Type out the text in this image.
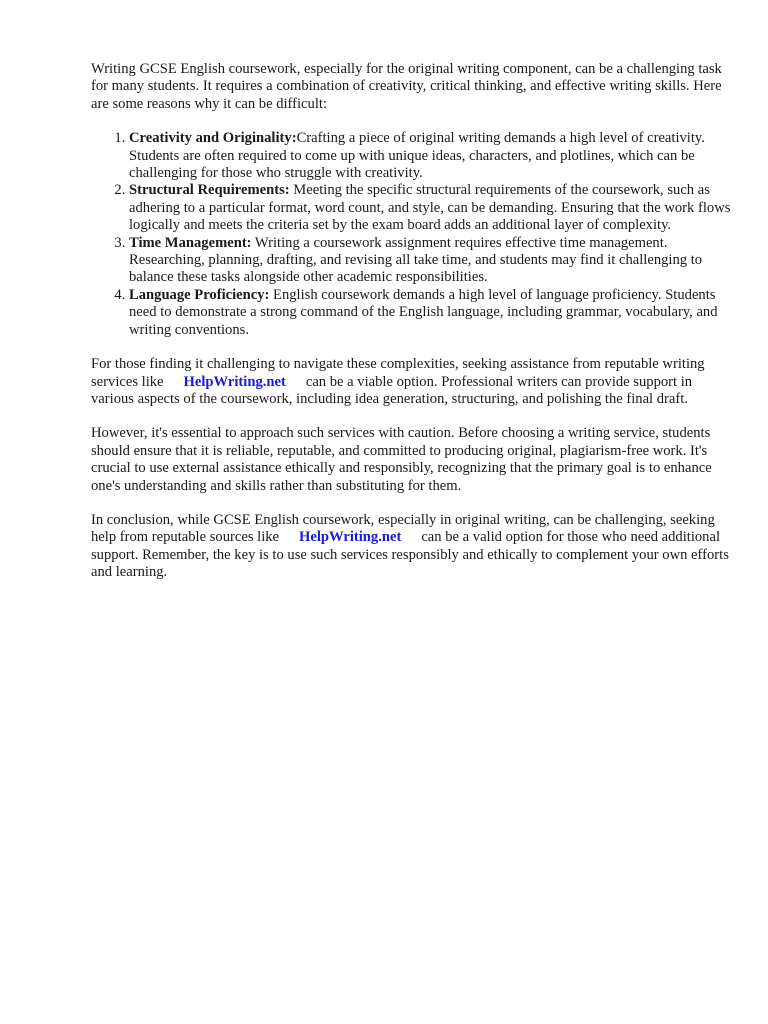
Writing GCSE English coursework, especially for the original writing component, can be a challenging task for many students. It requires a combination of creativity, critical thinking, and effective writing skills. Here are some reasons why it can be difficult:

1. Creativity and Originality:Crafting a piece of original writing demands a high level of creativity. Students are often required to come up with unique ideas, characters, and plotlines, which can be challenging for those who struggle with creativity.
2. Structural Requirements: Meeting the specific structural requirements of the coursework, such as adhering to a particular format, word count, and style, can be demanding. Ensuring that the work flows logically and meets the criteria set by the exam board adds an additional layer of complexity.
3. Time Management: Writing a coursework assignment requires effective time management. Researching, planning, drafting, and revising all take time, and students may find it challenging to balance these tasks alongside other academic responsibilities.
4. Language Proficiency: English coursework demands a high level of language proficiency. Students need to demonstrate a strong command of the English language, including grammar, vocabulary, and writing conventions.

For those finding it challenging to navigate these complexities, seeking assistance from reputable writing services like HelpWriting.net can be a viable option. Professional writers can provide support in various aspects of the coursework, including idea generation, structuring, and polishing the final draft.

However, it's essential to approach such services with caution. Before choosing a writing service, students should ensure that it is reliable, reputable, and committed to producing original, plagiarism-free work. It's crucial to use external assistance ethically and responsibly, recognizing that the primary goal is to enhance one's understanding and skills rather than substituting for them.

In conclusion, while GCSE English coursework, especially in original writing, can be challenging, seeking help from reputable sources like HelpWriting.net can be a valid option for those who need additional support. Remember, the key is to use such services responsibly and ethically to complement your own efforts and learning.
